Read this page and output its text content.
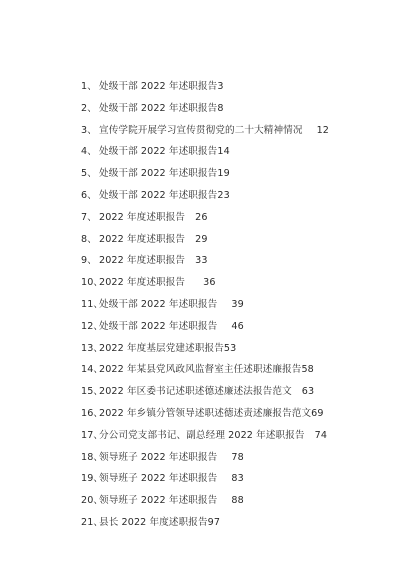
1、 处级干部 2022 年述职报告3
2、 处级干部 2022 年述职报告8
3、 宣传学院开展学习宣传贯彻党的二十大精神情况 12
4、 处级干部 2022 年述职报告14
5、 处级干部 2022 年述职报告19
6、 处级干部 2022 年述职报告23
7、 2022 年度述职报告 26
8、 2022 年度述职报告 29
9、 2022 年度述职报告 33
10、2022 年度述职报告 36
11、处级干部 2022 年述职报告 39
12、处级干部 2022 年述职报告 46
13、2022 年度基层党建述职报告53
14、2022 年某县党风政风监督室主任述职述廉报告58
15、2022 年区委书记述职述德述廉述法报告范文 63
16、2022 年乡镇分管领导述职述德述责述廉报告范文69
17、分公司党支部书记、副总经理 2022 年述职报告 74
18、领导班子 2022 年述职报告 78
19、领导班子 2022 年述职报告 83
20、领导班子 2022 年述职报告 88
21、县长 2022 年度述职报告97
